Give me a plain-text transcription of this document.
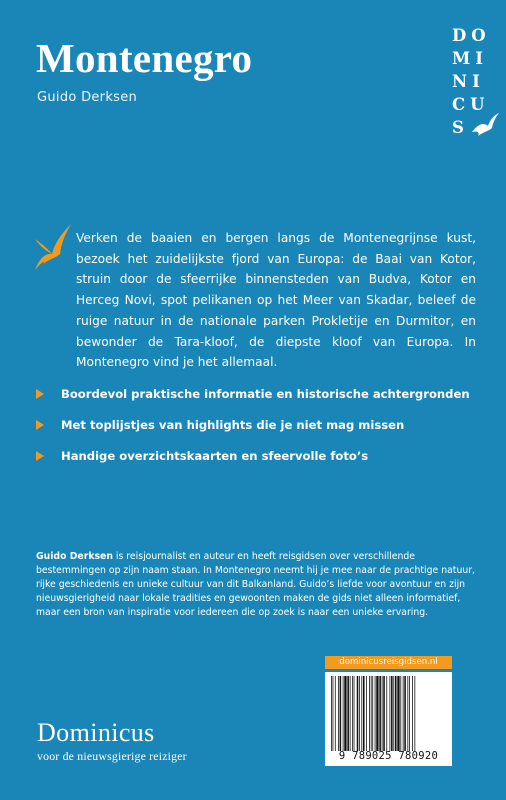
Montenegro
Guido Derksen
DO
MI
NI
CU
S

Verken de baaien en bergen langs de Montenegrijnse kust, bezoek het zuidelijkste fjord van Europa: de Baai van Kotor, struin door de sfeerrijke binnensteden van Budva, Kotor en Herceg Novi, spot pelikanen op het Meer van Skadar, beleef de ruige natuur in de nationale parken Prokletije en Durmitor, en bewonder de Tara-kloof, de diepste kloof van Europa. In Montenegro vind je het allemaal.

Boordevol praktische informatie en historische achtergronden
Met toplijstjes van highlights die je niet mag missen
Handige overzichtskaarten en sfeervolle foto’s

Guido Derksen is reisjournalist en auteur en heeft reisgidsen over verschillende bestemmingen op zijn naam staan. In Montenegro neemt hij je mee naar de prachtige natuur, rijke geschiedenis en unieke cultuur van dit Balkanland. Guido’s liefde voor avontuur en zijn nieuwsgierigheid naar lokale tradities en gewoonten maken de gids niet alleen informatief, maar een bron van inspiratie voor iedereen die op zoek is naar een unieke ervaring.

Dominicus
voor de nieuwsgierige reiziger
dominicusreisgidsen.nl
9 789025 780920
